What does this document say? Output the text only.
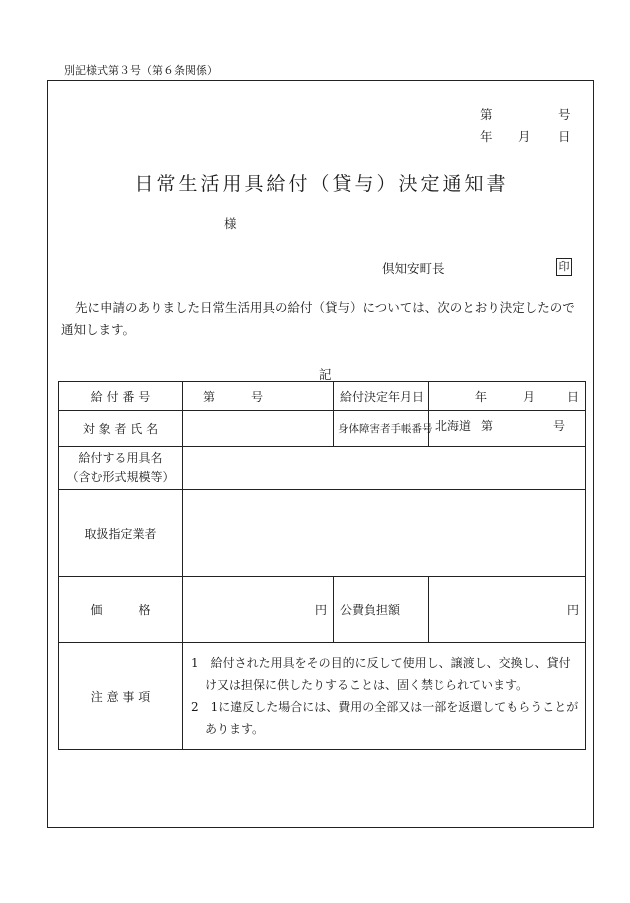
別記様式第３号（第６条関係）
第	号
年 月 日
日常生活用具給付（貸与）決定通知書
様
倶知安町長	印
先に申請のありました日常生活用具の給付（貸与）については、次のとおり決定したので通知します。
記
給 付 番 号	第 号	給付決定年月日	年 月 日
対 象 者 氏 名		身体障害者手帳番号	北海道 第 号

給付する用具名
（含む形式規模等）			

取扱指定業者			
価　　　格	円	公費負担額	円
注 意 事 項	1　給付された用具をその目的に反して使用し、譲渡し、交換し、貸付け又は担保に供したりすることは、固く禁じられています。
2　1に違反した場合には、費用の全部又は一部を返還してもらうことがあります。		
